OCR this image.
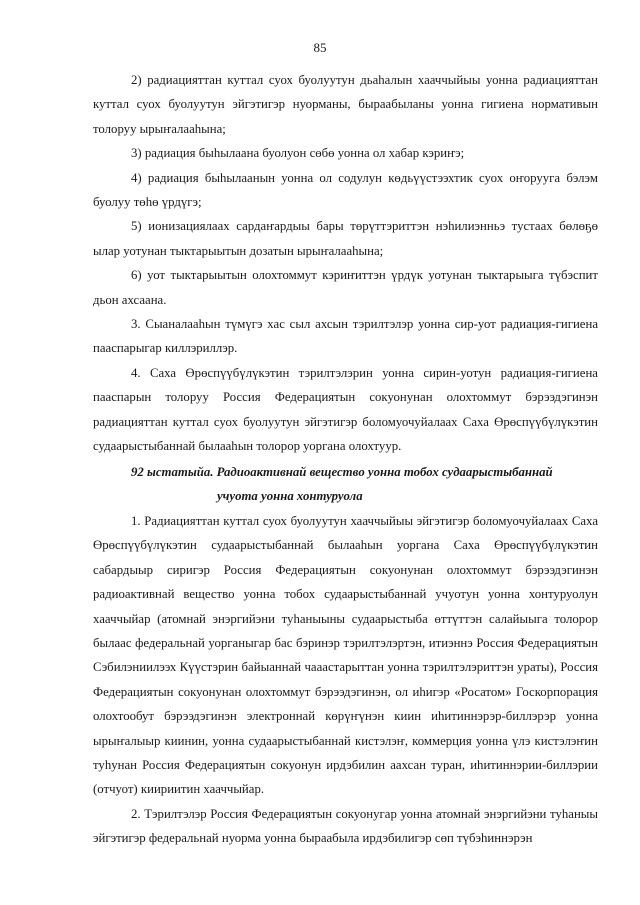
85

2) радиацияттан куттал суох буолуутун дьаһалын хааччыйыы уонна радиацияттан куттал суох буолуутун эйгэтигэр нуорманы, быраабыланы уонна гигиена нормативын толоруу ырыҥалааһына;

3) радиация быһылаана буолуон сөбө уонна ол хабар кэриҥэ;

4) радиация быһылаанын уонна ол содулун көдьүүстээхтик суох оҥорууга бэлэм буолуу төһө үрдүгэ;

5) ионизациялаах сардаҥардыы бары төрүттэриттэн нэһилиэнньэ тустаах бөлөҕө ылар уотунан тыктарыытын дозатын ырыҥалааһына;

6) уот тыктарыытын олохтоммут кэриҥиттэн үрдүк уотунан тыктарыыга түбэспит дьон ахсаана.

3. Сыаналааһын түмүгэ хас сыл ахсын тэрилтэлэр уонна сир-уот радиация-гигиена пааспарыгар киллэриллэр.

4. Саха Өрөспүүбүлүкэтин тэрилтэлэрин уонна сирин-уотун радиация-гигиена пааспарын толоруу Россия Федерациятын сокуонунан олохтоммут бэрээдэгинэн радиацияттан куттал суох буолуутун эйгэтигэр боломуочуйалаах Саха Өрөспүүбүлүкэтин судаарыстыбаннай былааһын толорор уоргана олохтуур.

92 ыстатыйа. Радиоактивнай веществo уонна тобох судаарыстыбаннай
учуота уонна хонтуруола

1. Радиацияттан куттал суох буолуутун хааччыйыы эйгэтигэр боломуочуйалаах Саха Өрөспүүбүлүкэтин судаарыстыбаннай былааһын уоргана Саха Өрөспүүбүлүкэтин сабардыыр сиригэр Россия Федерациятын сокуонунан олохтоммут бэрээдэгинэн радиоактивнай веществo уонна тобох судаарыстыбаннай учуотун уонна хонтуруолун хааччыйар (атомнай энэргийэни туһаныыны судаарыстыба өттүттэн салайыыга толорор былаас федеральнай уорганыгар бас бэринэр тэрилтэлэртэн, итиэннэ Россия Федерациятын Сэбилэниилээх Күүстэрин байыаннай чааастарыттан уонна тэрилтэлэриттэн ураты), Россия Федерациятын сокуонунан олохтоммут бэрээдэгинэн, ол иһигэр «Росатом» Госкорпорация олохтообут бэрээдэгинэн электроннай көрүҥүнэн киин иһитиннэрэр-биллэрэр уонна ырыҥалыыр киинин, уонна судаарыстыбаннай кистэлэҥ, коммерция уонна үлэ кистэлэҥин туһунан Россия Федерациятын сокуонун ирдэбилин аахсан туран, иһитиннэрии-биллэрии (отчуот) киириитин хааччыйар.

2. Тэрилтэлэр Россия Федерациятын сокуонугар уонна атомнай энэргийэни туһаныы эйгэтигэр федеральнай нуорма уонна быраабыла ирдэбилигэр сөп түбэһиннэрэн
